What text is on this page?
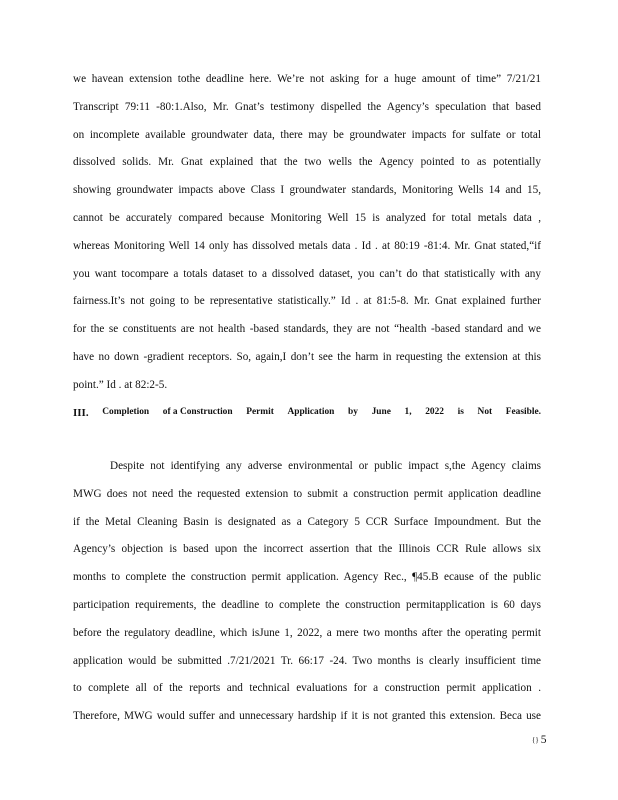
we havean extension tothe deadline here. We’re not asking for a huge amount of time” 7/21/21
Transcript 79:11 -80:1.Also, Mr. Gnat’s testimony dispelled the Agency’s speculation that based
on incomplete available groundwater data, there may be groundwater impacts for sulfate or total
dissolved solids. Mr. Gnat explained that the two wells the Agency pointed to as potentially
showing groundwater impacts above Class I groundwater standards, Monitoring Wells 14 and 15,
cannot be accurately compared because Monitoring Well 15 is analyzed for total metals data ,
whereas Monitoring Well 14 only has dissolved metals data . Id . at 80:19 -81:4. Mr. Gnat stated,“if
you want tocompare a totals dataset to a dissolved dataset, you can’t do that statistically with any
fairness.It’s not going to be representative statistically.” Id . at 81:5-8. Mr. Gnat explained further
for the se constituents are not health -based standards, they are not “health -based standard and we
have no down -gradient receptors. So, again,I don’t see the harm in requesting the extension at this
point.” Id . at 82:2-5.
III. Completion of a Construction Permit Application by June 1, 2022 is Not Feasible.
Despite not identifying any adverse environmental or public impact s,the Agency claims
MWG does not need the requested extension to submit a construction permit application deadline
if the Metal Cleaning Basin is designated as a Category 5 CCR Surface Impoundment. But the
Agency’s objection is based upon the incorrect assertion that the Illinois CCR Rule allows six
months to complete the construction permit application. Agency Rec., ¶45.B ecause of the public
participation requirements, the deadline to complete the construction permitapplication is 60 days
before the regulatory deadline, which isJune 1, 2022, a mere two months after the operating permit
application would be submitted .7/21/2021 Tr. 66:17 -24. Two months is clearly insufficient time
to complete all of the reports and technical evaluations for a construction permit application .
Therefore, MWG would suffer and unnecessary hardship if it is not granted this extension. Beca use
{} 5
